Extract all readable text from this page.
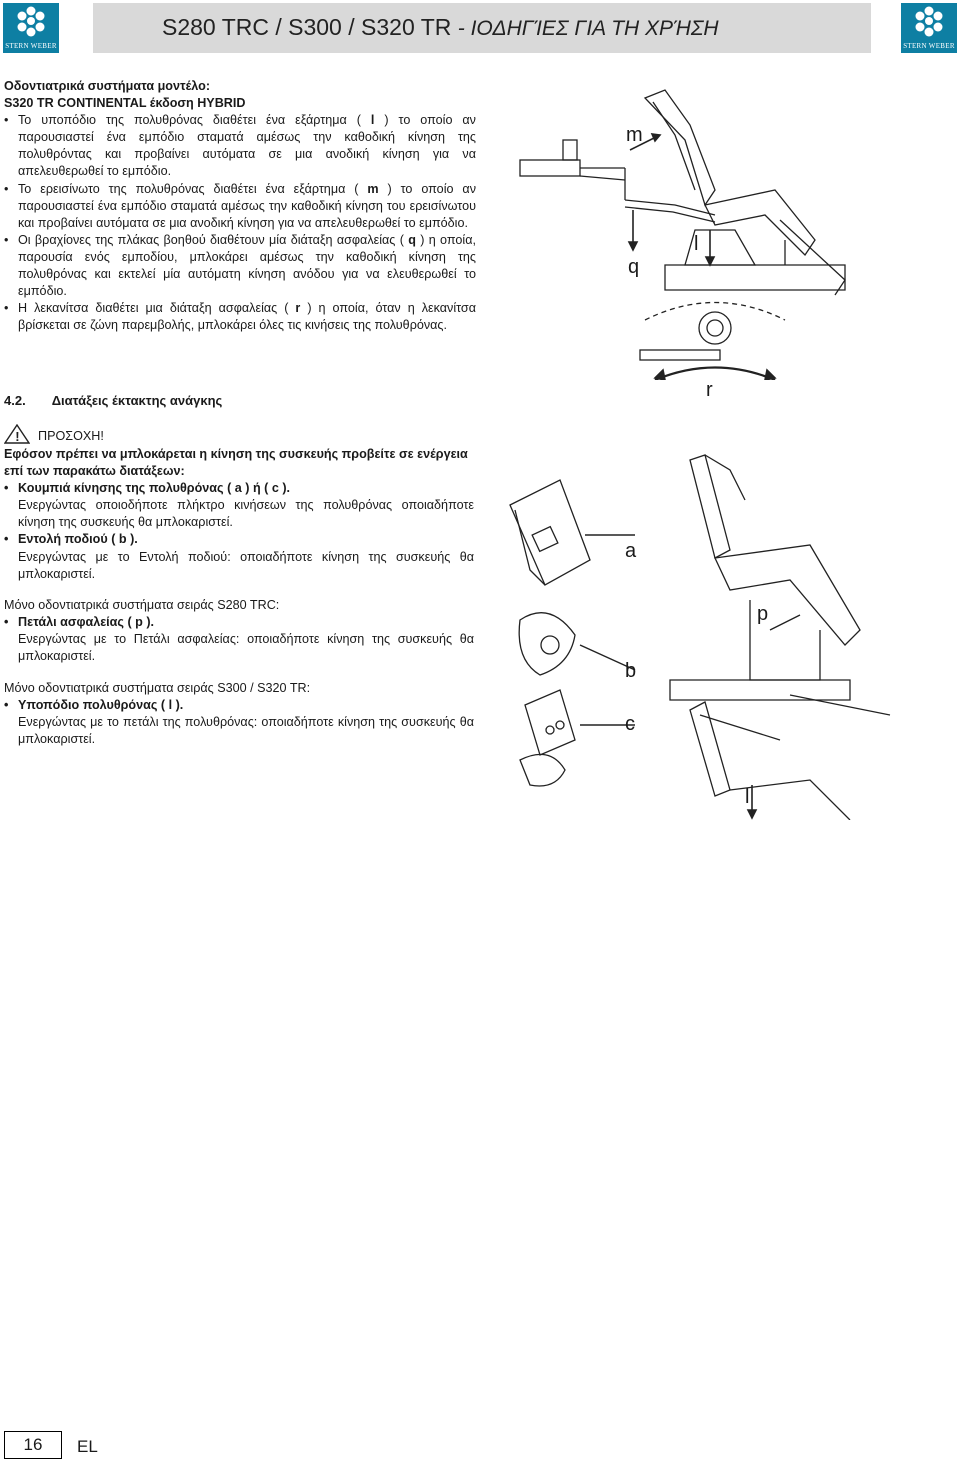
STERN WEBER
S280 TRC / S300 / S320 TR - ΙΟΔΗΓΊΕΣ ΓΙΑ ΤΗ ΧΡΉΣΗ
STERN WEBER
Οδοντιατρικά συστήματα μοντέλο:
S320 TR CONTINENTAL έκδοση HYBRID
• Το υποπόδιο της πολυθρόνας διαθέτει ένα εξάρτημα ( l ) το οποίο αν παρουσιαστεί ένα εμπόδιο σταματά αμέσως την καθοδική κίνηση της πολυθρόντας και προβαίνει αυτόματα σε μια ανοδική κίνηση για να απελευθερωθεί το εμπόδιο.
• Το ερεισίνωτο της πολυθρόνας διαθέτει ένα εξάρτημα ( m ) το οποίο αν παρουσιαστεί ένα εμπόδιο σταματά αμέσως την καθοδική κίνηση του ερεισίνωτου και προβαίνει αυτόματα σε μια ανοδική κίνηση για να απελευθερωθεί το εμπόδιο.
• Οι βραχίονες της πλάκας βοηθού διαθέτουν μία διάταξη ασφαλείας ( q ) η οποία, παρουσία ενός εμποδίου, μπλοκάρει αμέσως την καθοδική κίνηση της πολυθρόνας και εκτελεί μία αυτόματη κίνηση ανόδου για να ελευθερωθεί το εμπόδιο.
• Η λεκανίτσα διαθέτει μια διάταξη ασφαλείας ( r ) η οποία, όταν η λεκανίτσα βρίσκεται σε ζώνη παρεμβολής, μπλοκάρει όλες τις κινήσεις της πολυθρόνας.
m
l
q
r
4.2. Διατάξεις έκτακτης ανάγκης
! ΠΡΟΣΟΧΗ!
Εφόσον πρέπει να μπλοκάρεται η κίνηση της συσκευής προβείτε σε ενέργεια επί των παρακάτω διατάξεων:
• Κουμπιά κίνησης της πολυθρόνας ( a ) ή ( c ).
Ενεργώντας οποιοδήποτε πλήκτρο κινήσεων της πολυθρόνας οποιαδήποτε κίνηση της συσκευής θα μπλοκαριστεί.
• Εντολή ποδιού ( b ).
Ενεργώντας με το Εντολή ποδιού: οποιαδήποτε κίνηση της συσκευής θα μπλοκαριστεί.
Μόνο οδοντιατρικά συστήματα σειράς S280 TRC:
• Πετάλι ασφαλείας ( p ).
Ενεργώντας με το Πετάλι ασφαλείας: οποιαδήποτε κίνηση της συσκευής θα μπλοκαριστεί.
Μόνο οδοντιατρικά συστήματα σειράς S300 / S320 TR:
• Υποπόδιο πολυθρόνας ( l ).
Ενεργώντας με το πετάλι της πολυθρόνας: οποιαδήποτε κίνηση της συσκευής θα μπλοκαριστεί.
a
p
b
c
l
16	EL
